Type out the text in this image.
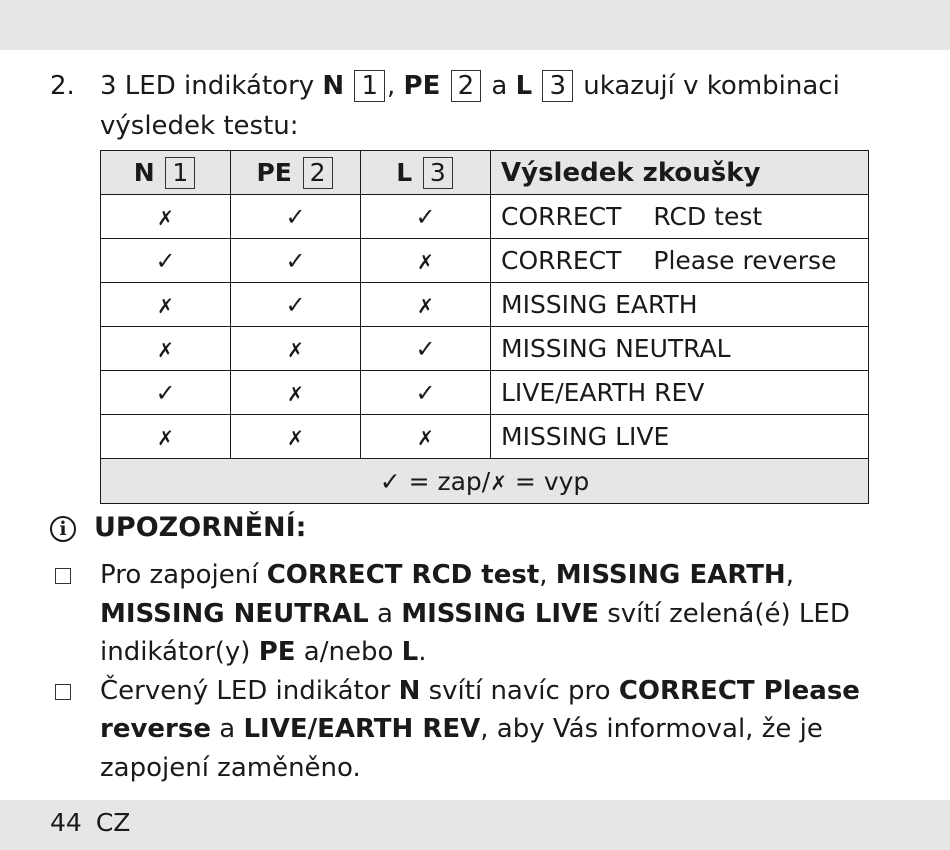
2. 3 LED indikátory N 1 , PE 2 a L 3 ukazují v kombinaci výsledek testu:
N 1	PE 2	L 3	Výsledek zkoušky
✗	✓	✓	CORRECT RCD test
✓	✓	✗	CORRECT Please reverse
✗	✓	✗	MISSING EARTH
✗	✗	✓	MISSING NEUTRAL
✓	✗	✓	LIVE/EARTH REV
✗	✗	✗	MISSING LIVE
✓ = zap/✗ = vyp			
i UPOZORNĚNÍ:
Pro zapojení CORRECT RCD test, MISSING EARTH, MISSING NEUTRAL a MISSING LIVE svítí zelená(é) LED indikátor(y) PE a/nebo L.
Červený LED indikátor N svítí navíc pro CORRECT Please reverse a LIVE/EARTH REV, aby Vás informoval, že je zapojení zaměněno.
44 CZ
